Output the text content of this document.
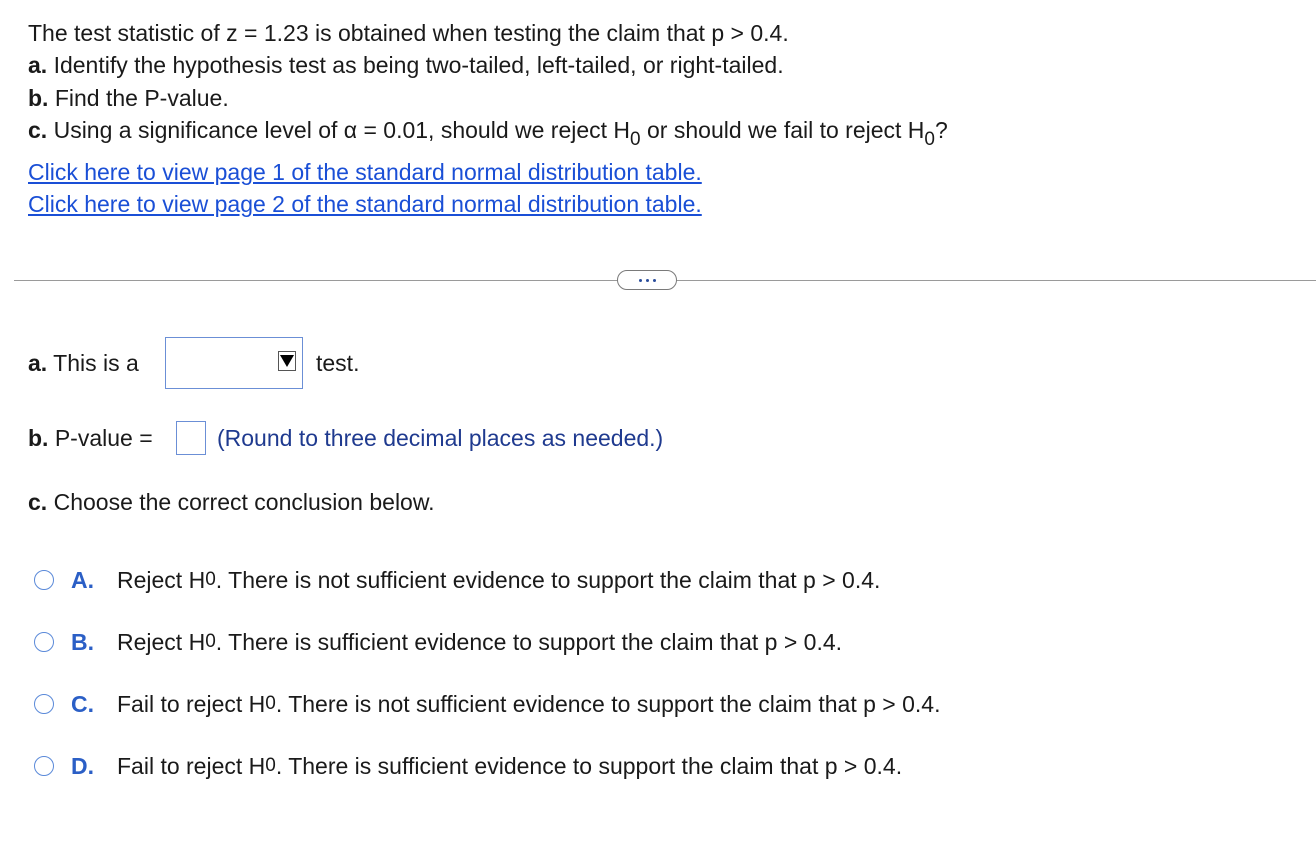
The test statistic of z = 1.23 is obtained when testing the claim that p > 0.4.
a. Identify the hypothesis test as being two-tailed, left-tailed, or right-tailed.
b. Find the P-value.
c. Using a significance level of α = 0.01, should we reject $H_0$ or should we fail to reject $H_0$?
Click here to view page 1 of the standard normal distribution table.
Click here to view page 2 of the standard normal distribution table.
a. This is a	test.
b. P-value =	(Round to three decimal places as needed.)
c. Choose the correct conclusion below.
A.	Reject H 0 . There is not sufficient evidence to support the claim that p > 0.4.
B.	Reject H 0 . There is sufficient evidence to support the claim that p > 0.4.
C.	Fail to reject H 0 . There is not sufficient evidence to support the claim that p > 0.4.
D.	Fail to reject H 0 . There is sufficient evidence to support the claim that p > 0.4.
